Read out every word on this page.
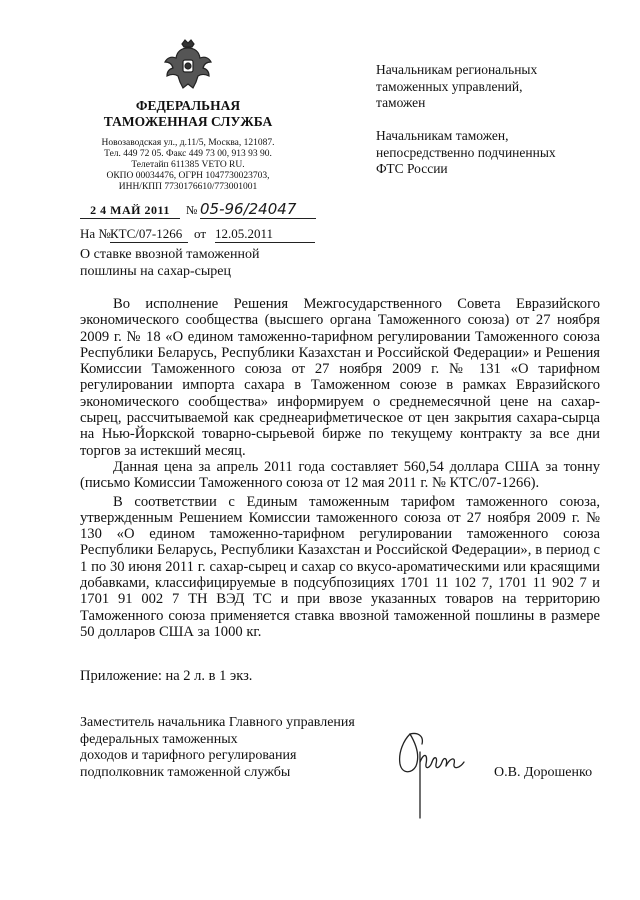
ФЕДЕРАЛЬНАЯ
ТАМОЖЕННАЯ СЛУЖБА
Новозаводская ул., д.11/5, Москва, 121087.
Тел. 449 72 05. Факс 449 73 00, 913 93 90.
Телетайп 611385 VETO RU.
ОКПО 00034476, ОГРН 1047730023703,
ИНН/КПП 7730176610/773001001
2 4 МАЙ 2011	№ 05-96/24047
На № КТС/07-1266 от 12.05.2011
О ставке ввозной таможенной
пошлины на сахар-сырец
Начальникам региональных
таможенных управлений,
таможен
Начальникам таможен,
непосредственно подчиненных
ФТС России

Во исполнение Решения Межгосударственного Совета Евразийского экономического сообщества (высшего органа Таможенного союза) от 27 ноября 2009 г. № 18 «О едином таможенно-тарифном регулировании Таможенного союза Республики Беларусь, Республики Казахстан и Российской Федерации» и Решения Комиссии Таможенного союза от 27 ноября 2009 г. № 131 «О тарифном регулировании импорта сахара в Таможенном союзе в рамках Евразийского экономического сообщества» информируем о среднемесячной цене на сахар-сырец, рассчитываемой как среднеарифметическое от цен закрытия сахара-сырца на Нью-Йоркской товарно-сырьевой бирже по текущему контракту за все дни торгов за истекший месяц.

Данная цена за апрель 2011 года составляет 560,54 доллара США за тонну (письмо Комиссии Таможенного союза от 12 мая 2011 г. № КТС/07-1266).

В соответствии с Единым таможенным тарифом таможенного союза, утвержденным Решением Комиссии таможенного союза от 27 ноября 2009 г. № 130 «О едином таможенно-тарифном регулировании таможенного союза Республики Беларусь, Республики Казахстан и Российской Федерации», в период с 1 по 30 июня 2011 г. сахар-сырец и сахар со вкусо-ароматическими или красящими добавками, классифицируемые в подсубпозициях 1701 11 102 7, 1701 11 902 7 и 1701 91 002 7 ТН ВЭД ТС и при ввозе указанных товаров на территорию Таможенного союза применяется ставка ввозной таможенной пошлины в размере 50 долларов США за 1000 кг.

Приложение: на 2 л. в 1 экз.
Заместитель начальника Главного управления
федеральных таможенных
доходов и тарифного регулирования
подполковник таможенной службы	О.В. Дорошенко
